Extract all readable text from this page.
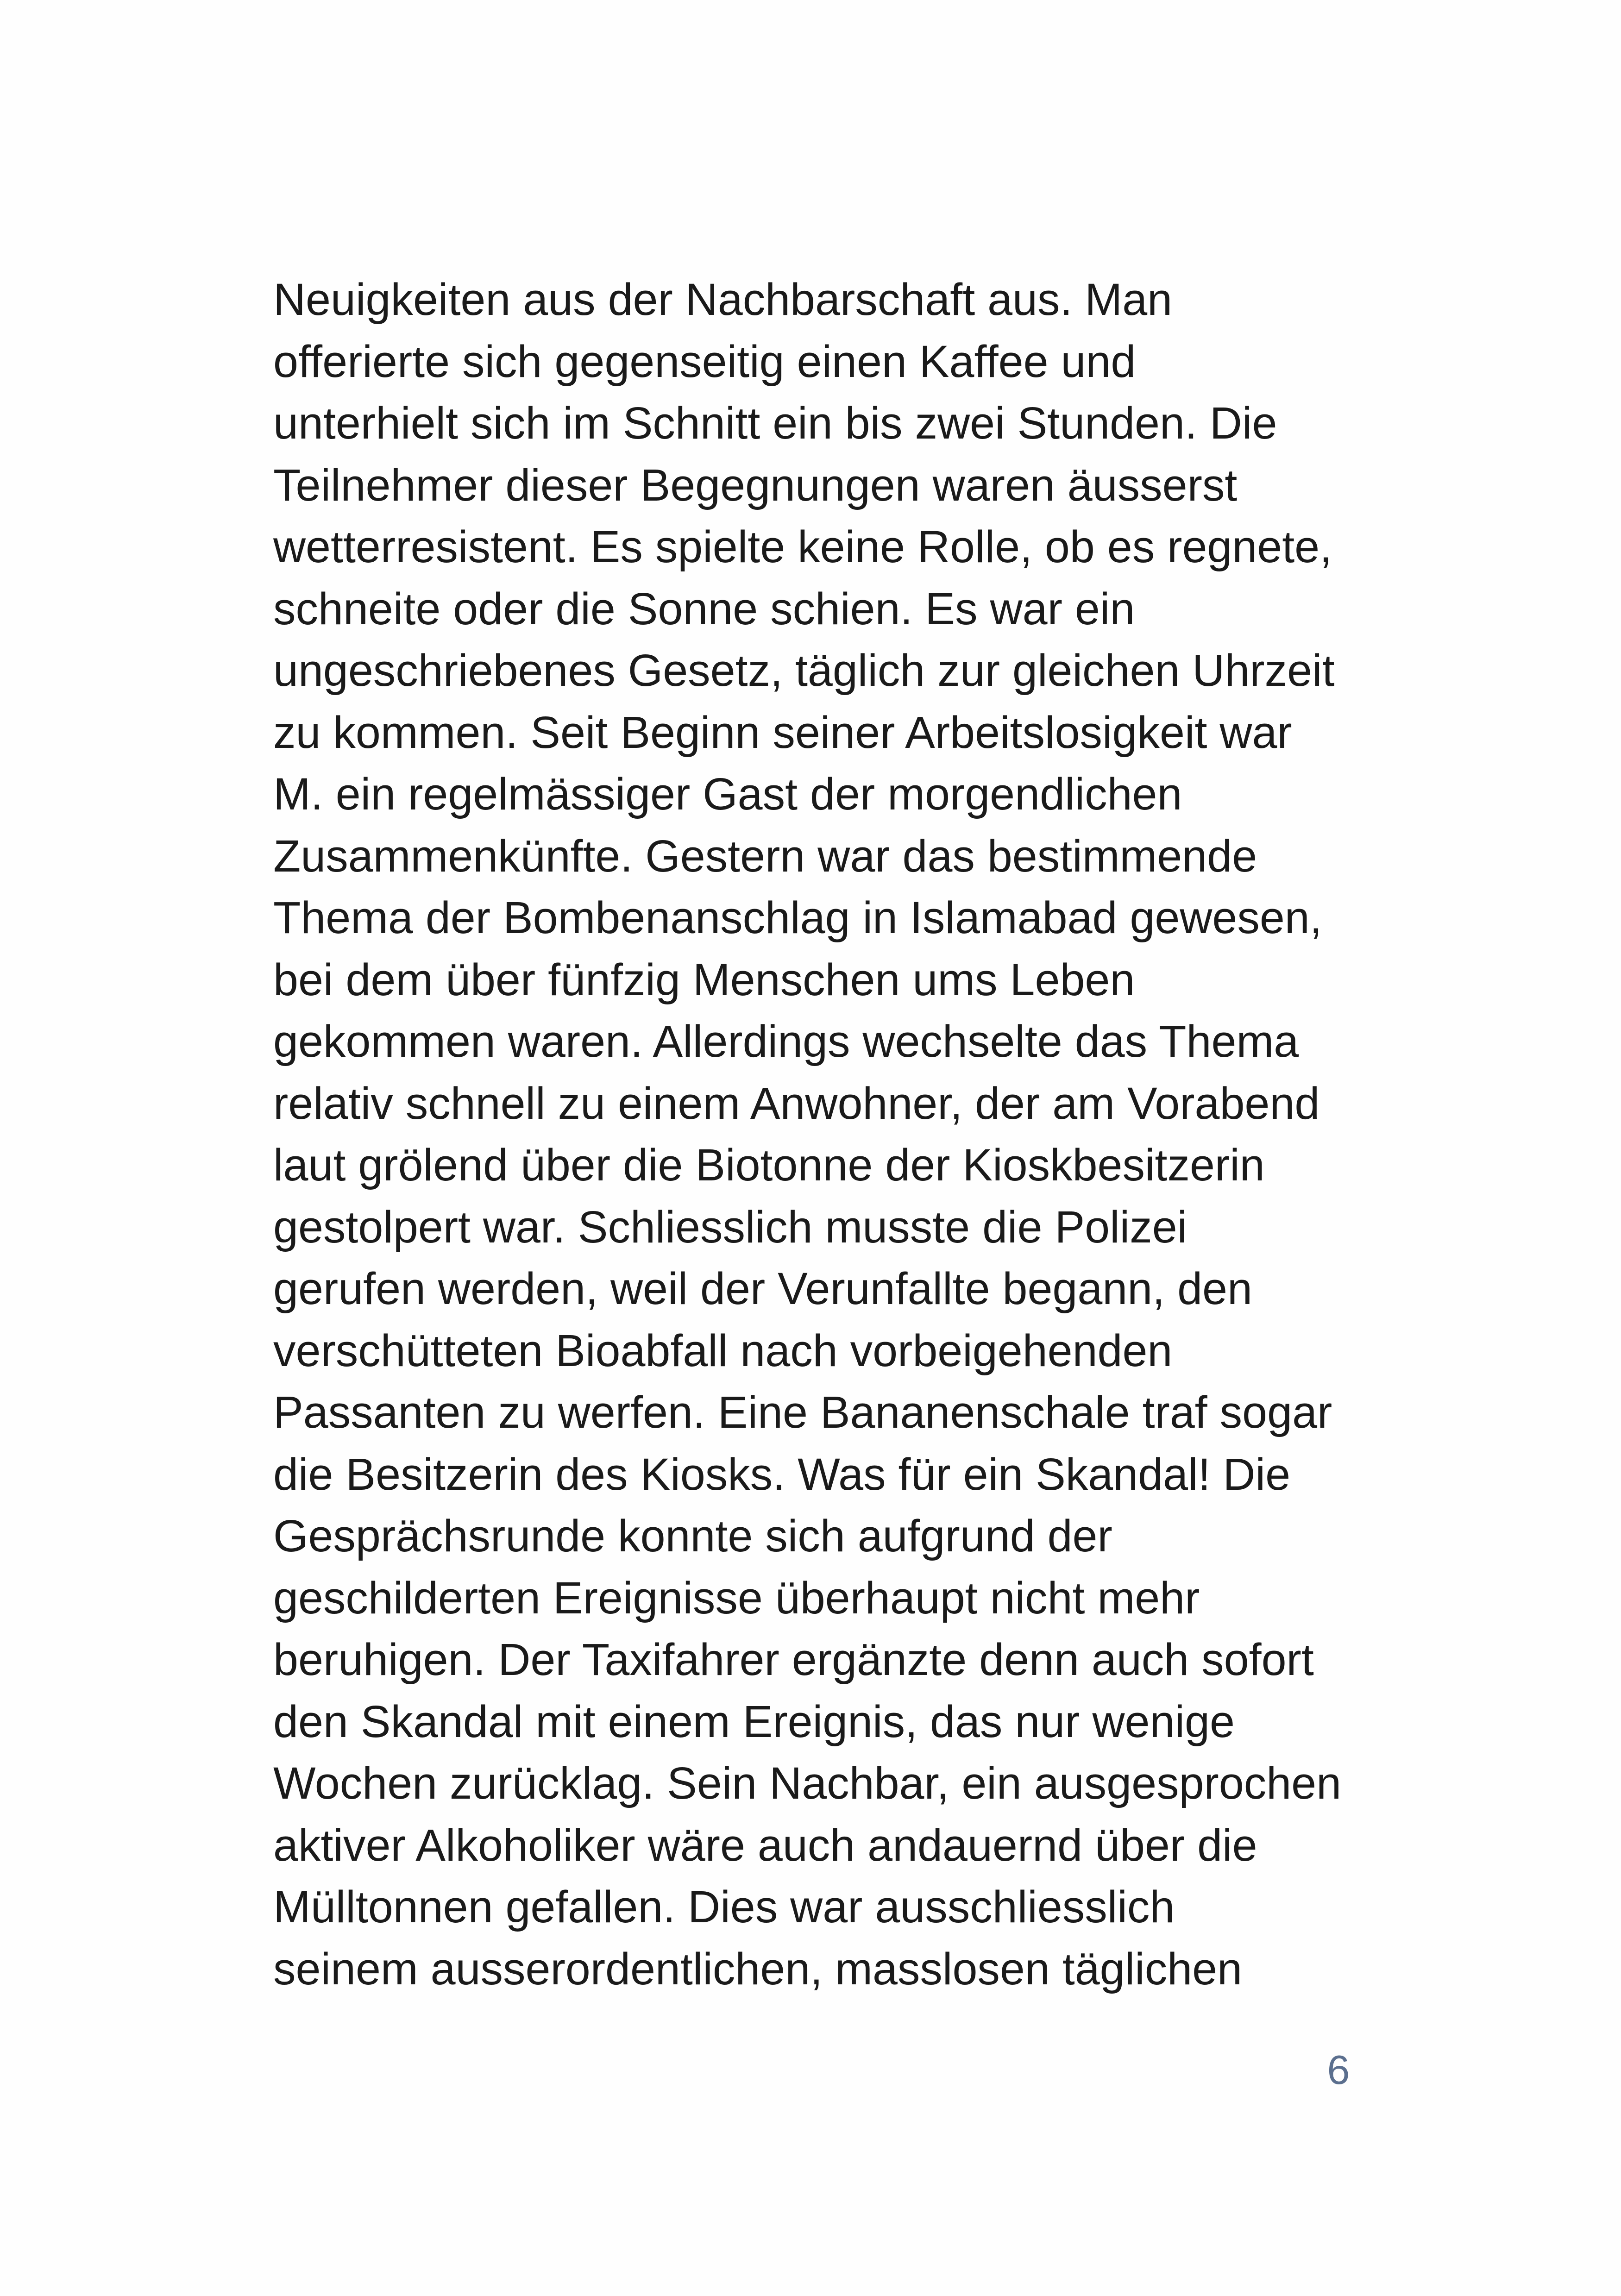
Neuigkeiten aus der Nachbarschaft aus. Man
offerierte sich gegenseitig einen Kaffee und
unterhielt sich im Schnitt ein bis zwei Stunden. Die
Teilnehmer dieser Begegnungen waren äusserst
wetterresistent. Es spielte keine Rolle, ob es regnete,
schneite oder die Sonne schien. Es war ein
ungeschriebenes Gesetz, täglich zur gleichen Uhrzeit
zu kommen. Seit Beginn seiner Arbeitslosigkeit war
M. ein regelmässiger Gast der morgendlichen
Zusammenkünfte. Gestern war das bestimmende
Thema der Bombenanschlag in Islamabad gewesen,
bei dem über fünfzig Menschen ums Leben
gekommen waren. Allerdings wechselte das Thema
relativ schnell zu einem Anwohner, der am Vorabend
laut grölend über die Biotonne der Kioskbesitzerin
gestolpert war. Schliesslich musste die Polizei
gerufen werden, weil der Verunfallte begann, den
verschütteten Bioabfall nach vorbeigehenden
Passanten zu werfen. Eine Bananenschale traf sogar
die Besitzerin des Kiosks. Was für ein Skandal! Die
Gesprächsrunde konnte sich aufgrund der
geschilderten Ereignisse überhaupt nicht mehr
beruhigen. Der Taxifahrer ergänzte denn auch sofort
den Skandal mit einem Ereignis, das nur wenige
Wochen zurücklag. Sein Nachbar, ein ausgesprochen
aktiver Alkoholiker wäre auch andauernd über die
Mülltonnen gefallen. Dies war ausschliesslich
seinem ausserordentlichen, masslosen täglichen

6
